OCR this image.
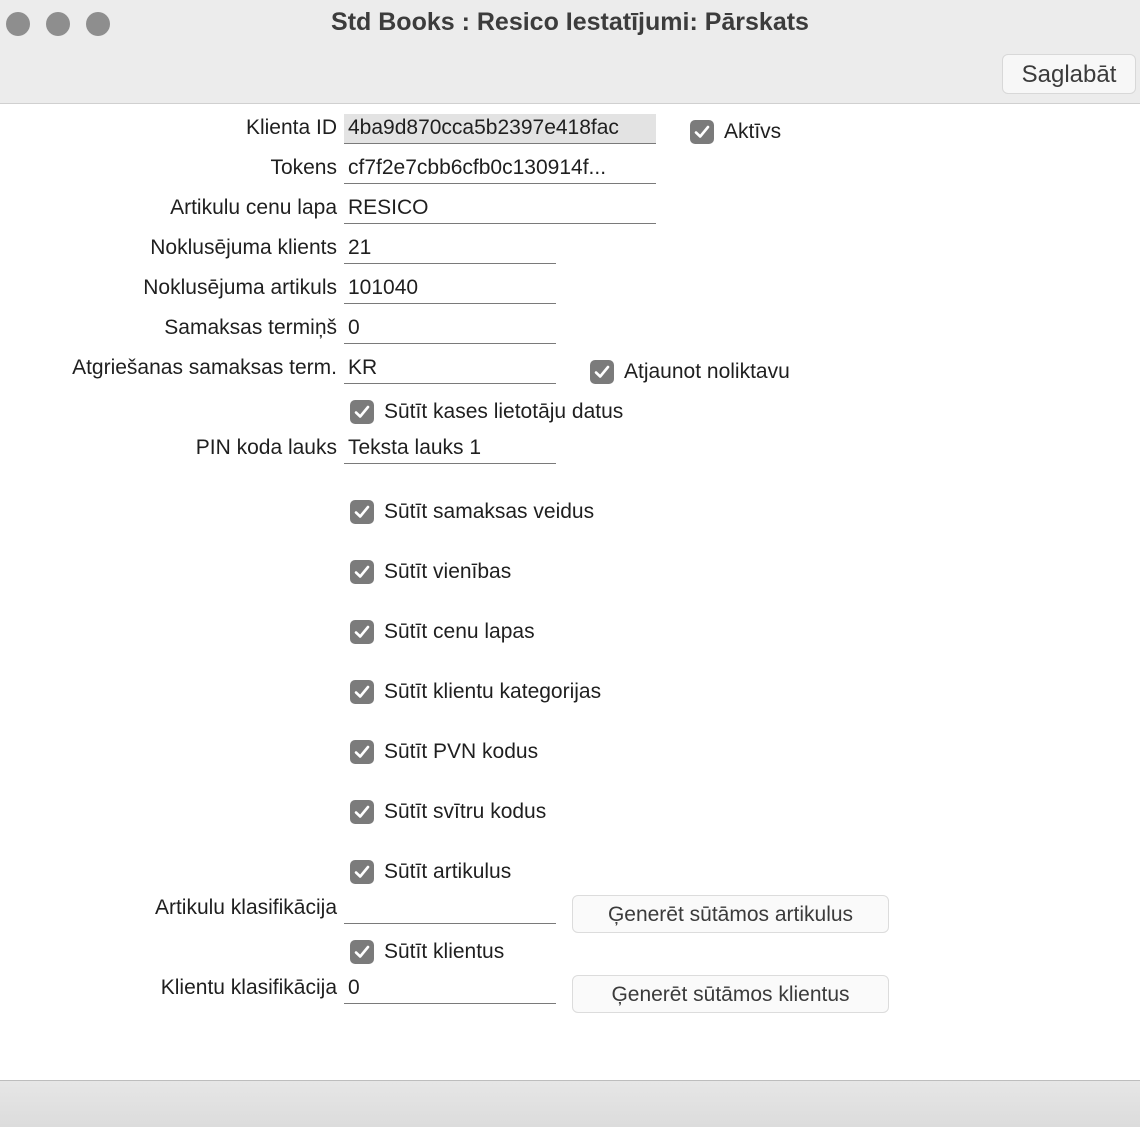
Std Books : Resico Iestatījumi: Pārskats
Saglabāt
Klienta ID 4ba9d870cca5b2397e418fac	Aktīvs
Tokens cf7f2e7cbb6cfb0c130914f...
Artikulu cenu lapa RESICO
Noklusējuma klients 21
Noklusējuma artikuls 101040
Samaksas termiņš 0
Atgriešanas samaksas term. KR	Atjaunot noliktavu
Sūtīt kases lietotāju datus
PIN koda lauks Teksta lauks 1
Sūtīt samaksas veidus
Sūtīt vienības
Sūtīt cenu lapas
Sūtīt klientu kategorijas
Sūtīt PVN kodus
Sūtīt svītru kodus
Sūtīt artikulus
Artikulu klasifikācija	Ģenerēt sūtāmos artikulus
Sūtīt klientus
Klientu klasifikācija 0	Ģenerēt sūtāmos klientus
